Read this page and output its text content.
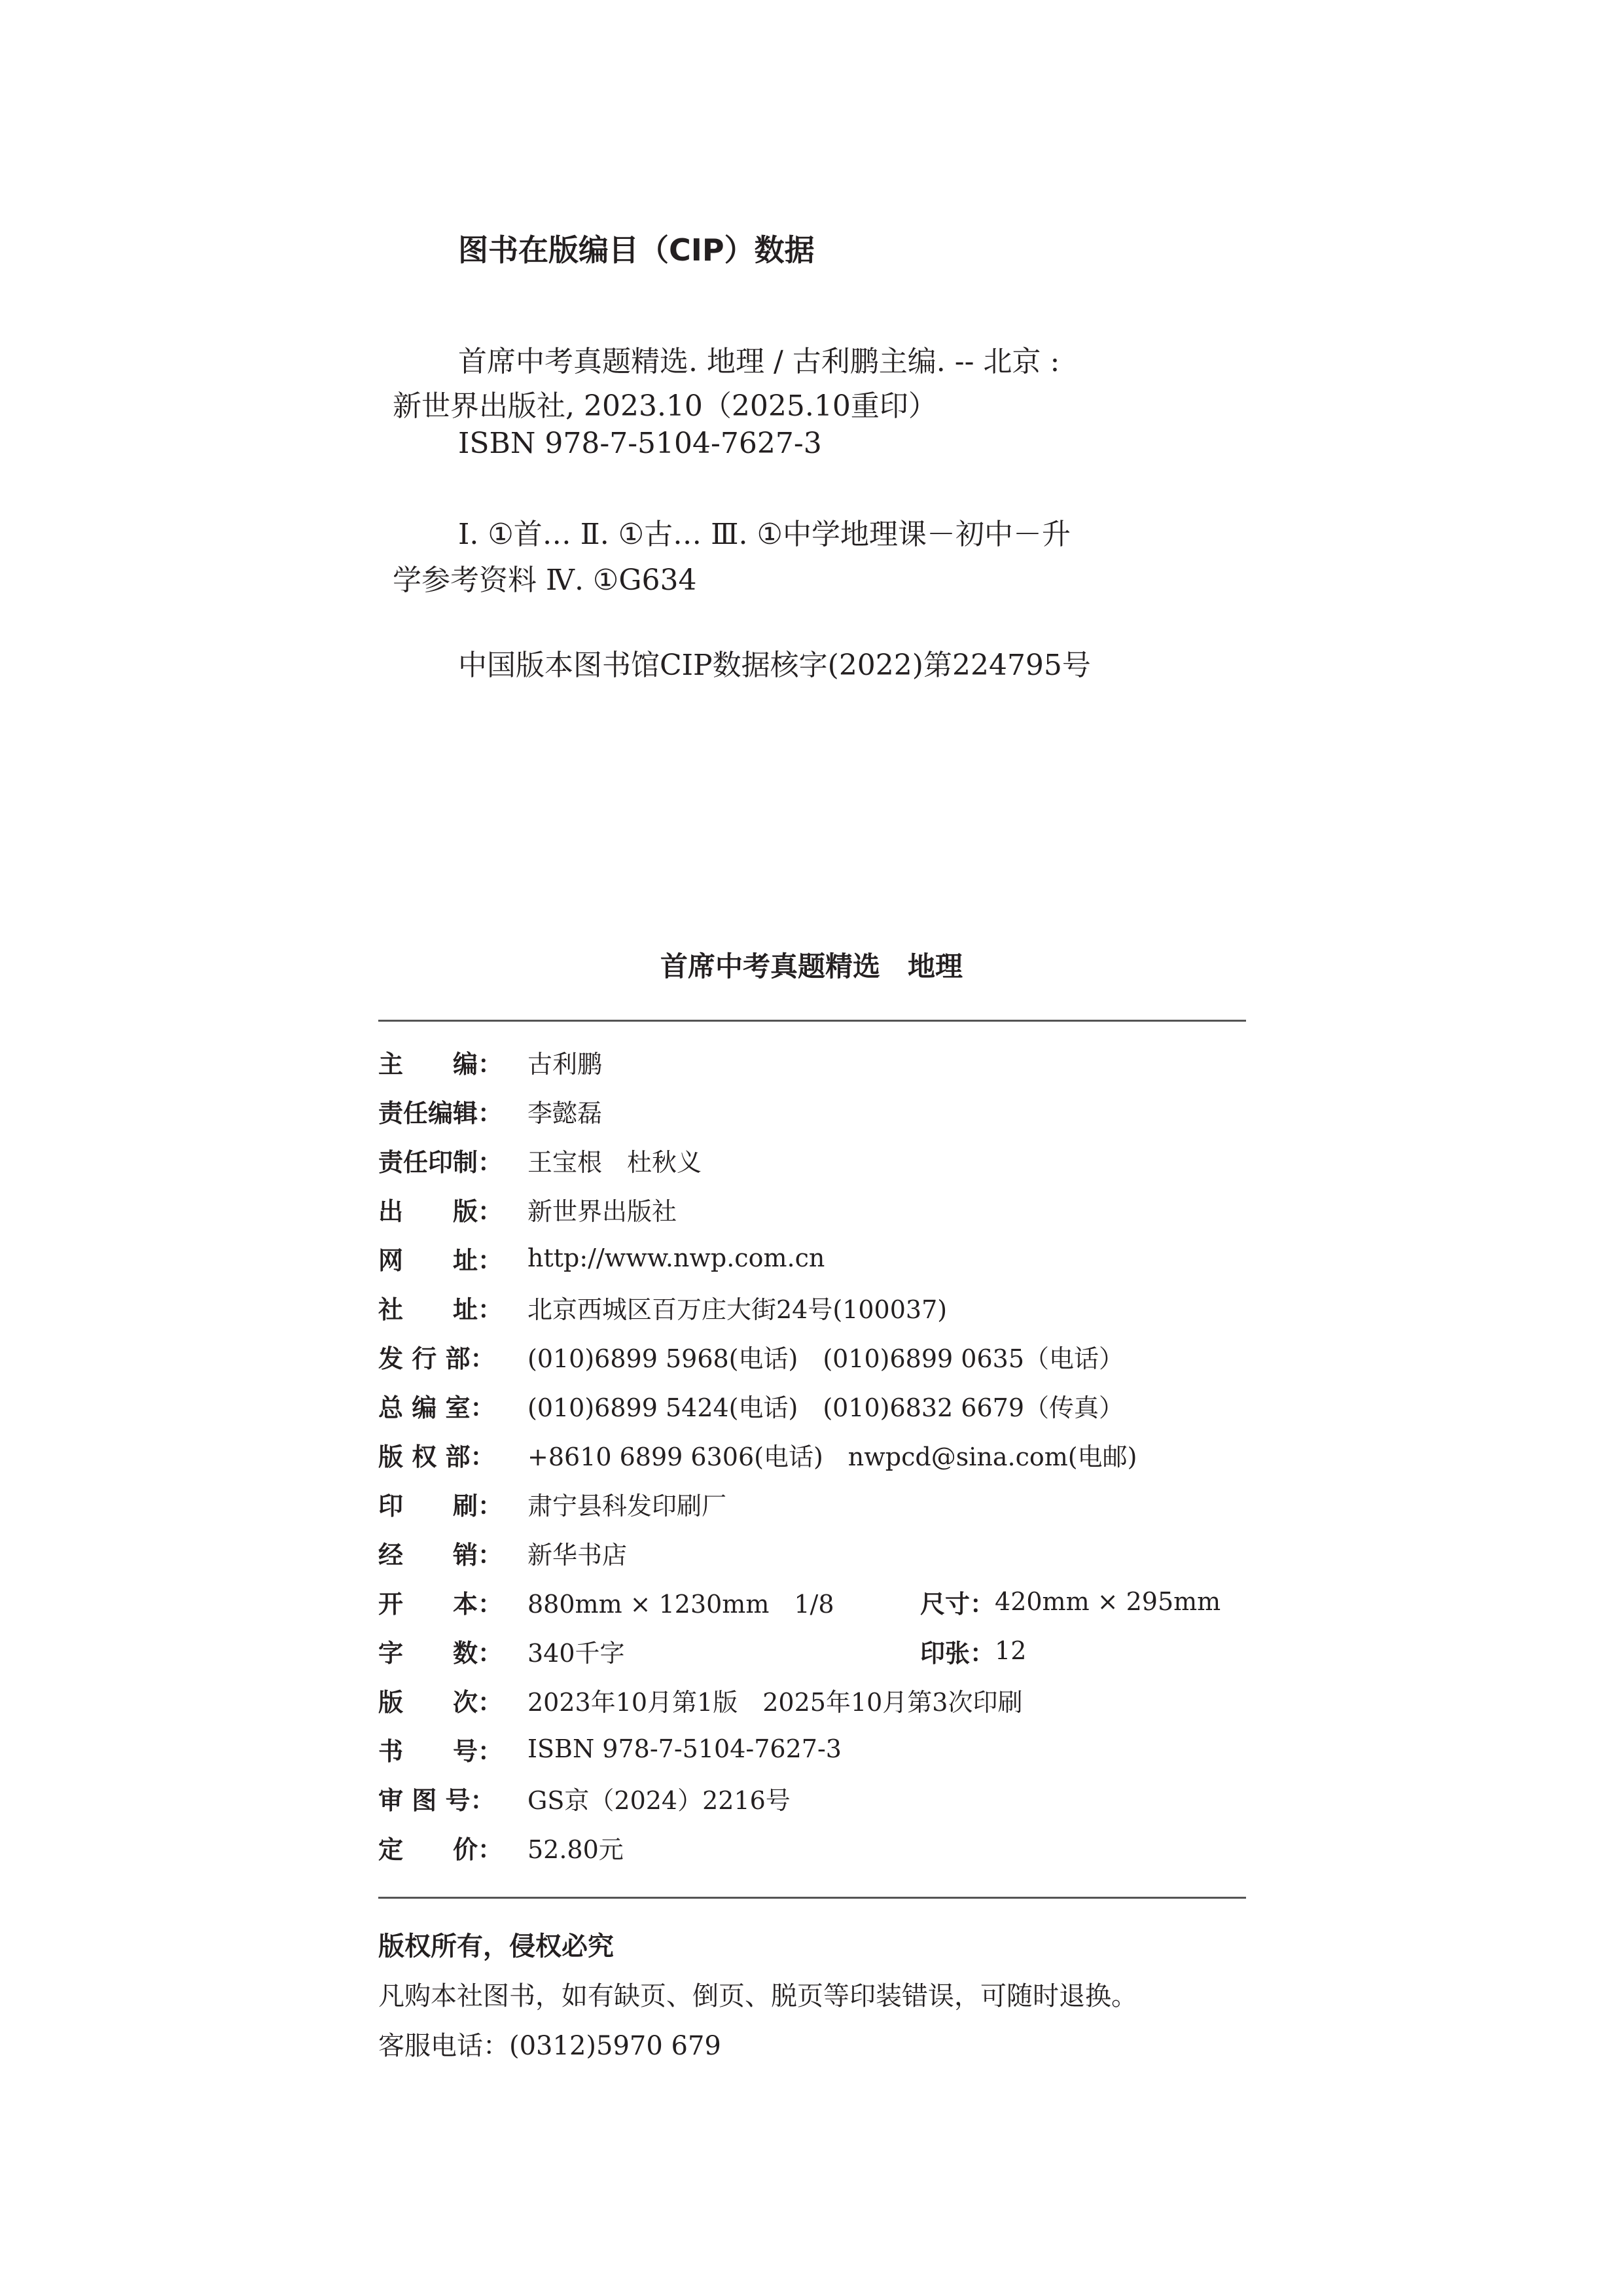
图书在版编目（CIP）数据
首席中考真题精选. 地理 / 古利鹏主编. -- 北京 :
新世界出版社, 2023.10（2025.10重印）
ISBN 978-7-5104-7627-3
Ⅰ. ①首… Ⅱ. ①古… Ⅲ. ①中学地理课－初中－升
学参考资料 Ⅳ. ①G634
中国版本图书馆CIP数据核字(2022)第224795号
首席中考真题精选　地理
主　　编： 古利鹏
责任编辑： 李懿磊
责任印制： 王宝根　杜秋义
出　　版： 新世界出版社
网　　址： http://www.nwp.com.cn
社　　址： 北京西城区百万庄大街24号(100037)
发 行 部：	(010)6899 5968(电话)　(010)6899 0635（电话）
总 编 室：	(010)6899 5424(电话)　(010)6832 6679（传真）
版 权 部：	+8610 6899 6306(电话)　nwpcd@sina.com(电邮)
印　　刷： 肃宁县科发印刷厂
经　　销： 新华书店
开　　本： 880mm × 1230mm　1/8	尺寸： 420mm × 295mm
字　　数： 340千字	印张： 12
版　　次： 2023年10月第1版　2025年10月第3次印刷
书　　号： ISBN 978-7-5104-7627-3
审 图 号：	GS京（2024）2216号
定　　价： 52.80元
版权所有，侵权必究
凡购本社图书，如有缺页、倒页、脱页等印装错误，可随时退换。
客服电话：(0312)5970 679
